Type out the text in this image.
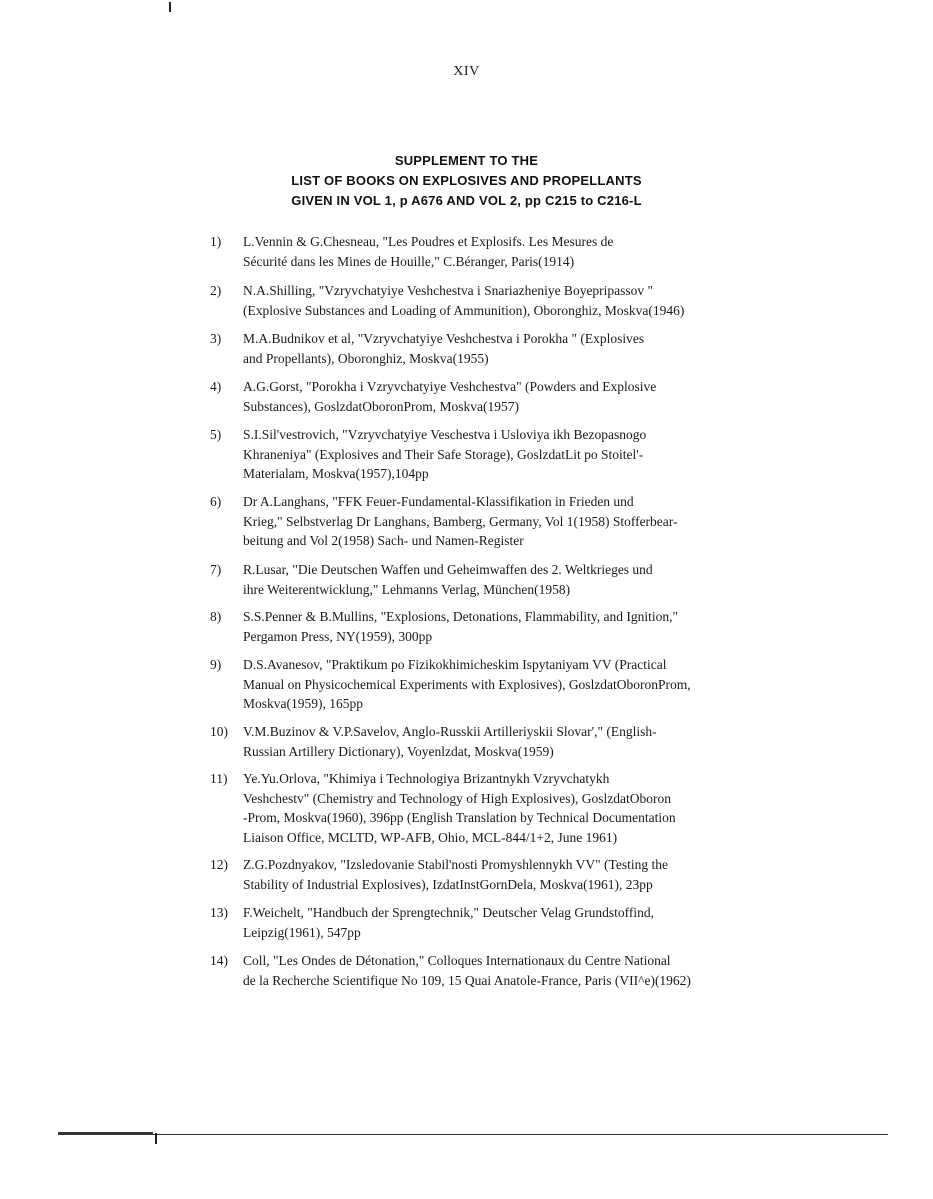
XIV
SUPPLEMENT TO THE
LIST OF BOOKS ON EXPLOSIVES AND PROPELLANTS
GIVEN IN VOL 1, p A676 AND VOL 2, pp C215 to C216-L
1)	L.Vennin & G.Chesneau, "Les Poudres et Explosifs. Les Mesures de
Sécurité dans les Mines de Houille," C.Béranger, Paris(1914)
2)	N.A.Shilling, "Vzryvchatyiye Veshchestva i Snariazheniye Boyepripassov "
(Explosive Substances and Loading of Ammunition), Oboronghiz, Moskva(1946)
3)	M.A.Budnikov et al, "Vzryvchatyiye Veshchestva i Porokha " (Explosives
and Propellants), Oboronghiz, Moskva(1955)
4)	A.G.Gorst, "Porokha i Vzryvchatyiye Veshchestva" (Powders and Explosive
Substances), GoslzdatOboronProm, Moskva(1957)
5)	S.I.Sil'vestrovich, "Vzryvchatyiye Veschestva i Usloviya ikh Bezopasnogo
Khraneniya" (Explosives and Their Safe Storage), GoslzdatLit po Stoitel'-
Materialam, Moskva(1957),104pp
6)	Dr A.Langhans, "FFK Feuer-Fundamental-Klassifikation in Frieden und
Krieg," Selbstverlag Dr Langhans, Bamberg, Germany, Vol 1(1958) Stofferbear-
beitung and Vol 2(1958) Sach- und Namen-Register
7)	R.Lusar, "Die Deutschen Waffen und Geheimwaffen des 2. Weltkrieges und
ihre Weiterentwicklung," Lehmanns Verlag, München(1958)
8)	S.S.Penner & B.Mullins, "Explosions, Detonations, Flammability, and Ignition,"
Pergamon Press, NY(1959), 300pp
9)	D.S.Avanesov, "Praktikum po Fizikokhimicheskim Ispytaniyam VV (Practical
Manual on Physicochemical Experiments with Explosives), GoslzdatOboronProm,
Moskva(1959), 165pp
10)	V.M.Buzinov & V.P.Savelov, Anglo-Russkii Artilleriyskii Slovar'," (English-
Russian Artillery Dictionary), Voyenlzdat, Moskva(1959)
11)	Ye.Yu.Orlova, "Khimiya i Technologiya Brizantnykh Vzryvchatykh
Veshchestv" (Chemistry and Technology of High Explosives), GoslzdatOboron
-Prom, Moskva(1960), 396pp (English Translation by Technical Documentation
Liaison Office, MCLTD, WP-AFB, Ohio, MCL-844/1+2, June 1961)
12)	Z.G.Pozdnyakov, "Izsledovanie Stabil'nosti Promyshlennykh VV" (Testing the
Stability of Industrial Explosives), IzdatInstGornDela, Moskva(1961), 23pp
13)	F.Weichelt, "Handbuch der Sprengtechnik," Deutscher Velag Grundstoffind,
Leipzig(1961), 547pp
14)	Coll, "Les Ondes de Détonation," Colloques Internationaux du Centre National
de la Recherche Scientifique No 109, 15 Quai Anatole-France, Paris (VII^e)(1962)
